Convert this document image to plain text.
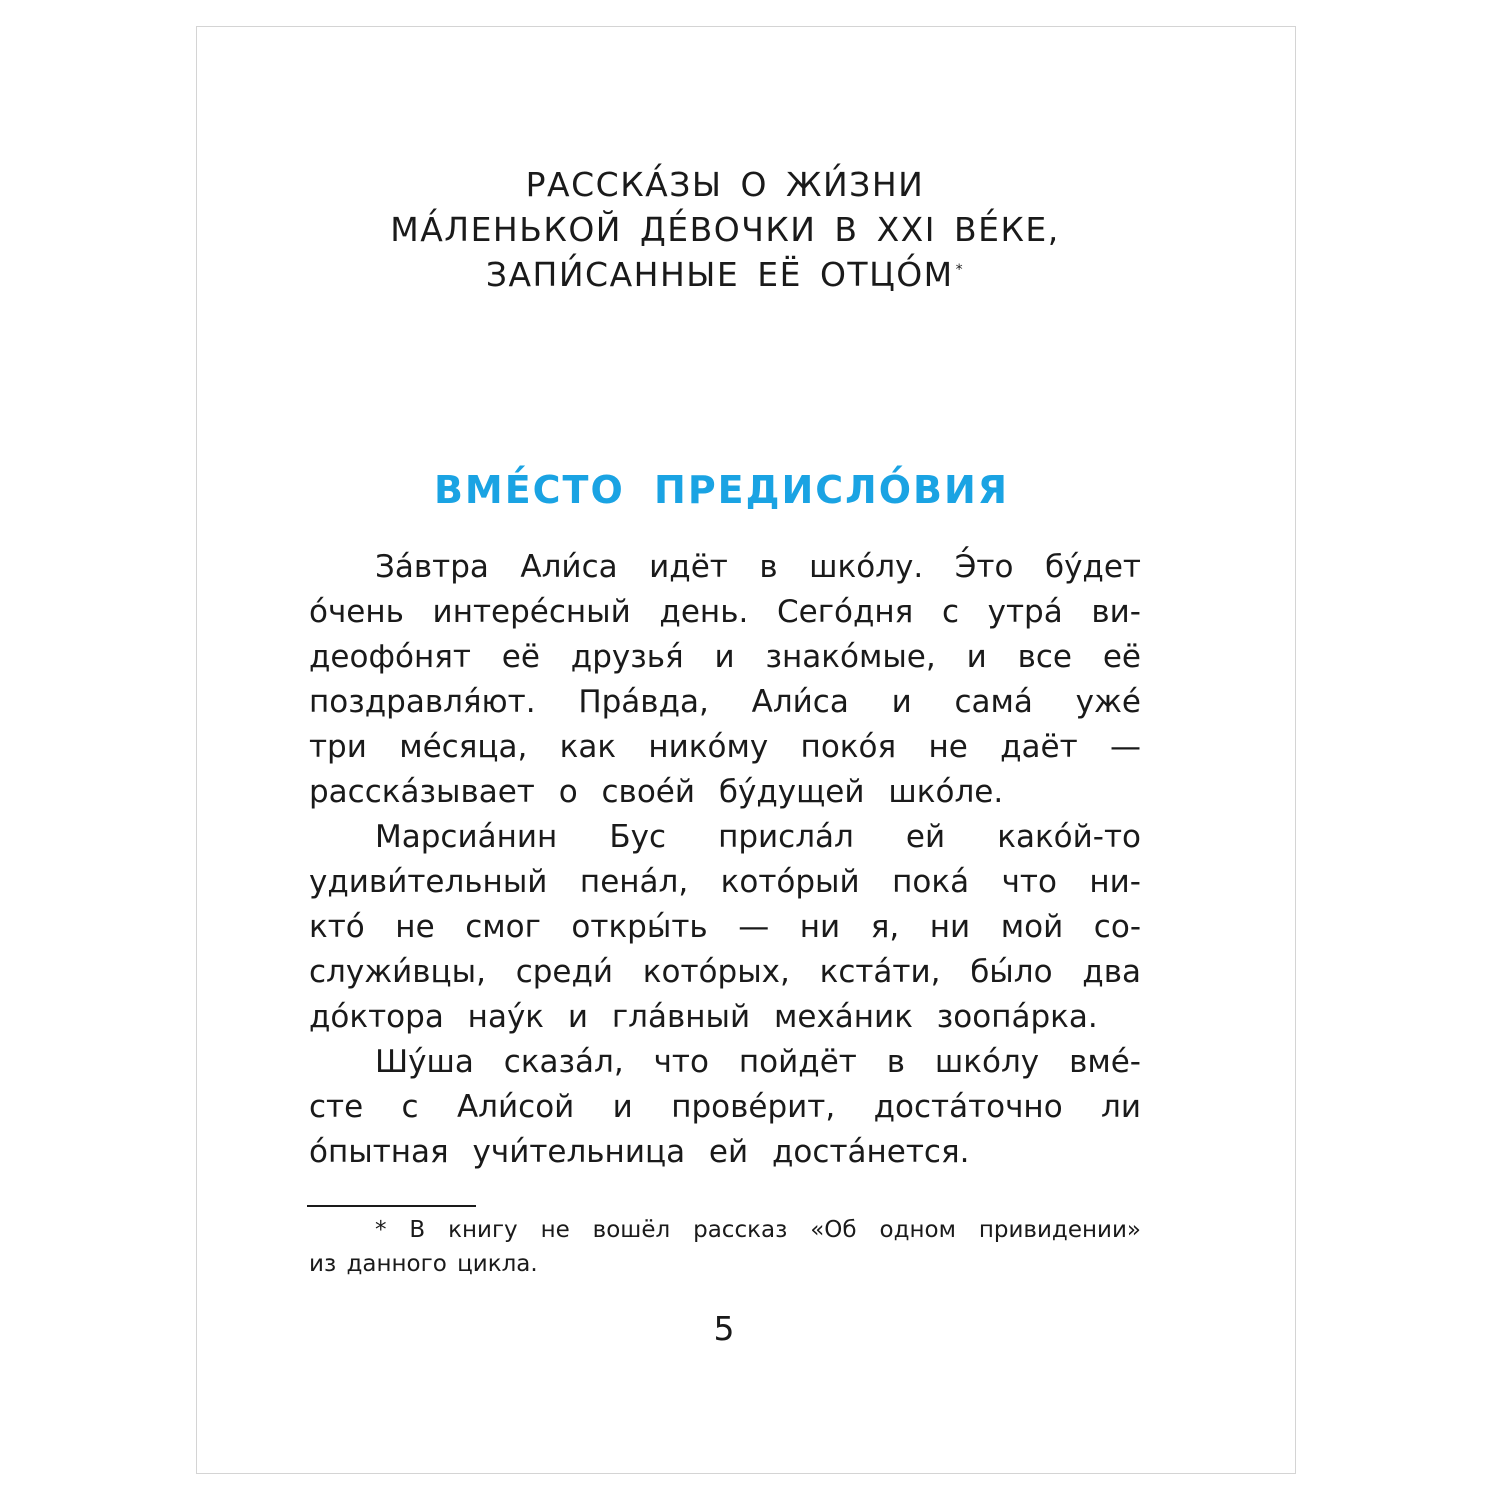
РАССКА́ЗЫ О ЖИ́ЗНИ
МА́ЛЕНЬКОЙ ДЕ́ВОЧКИ В XXI ВЕ́КЕ,
ЗАПИ́САННЫЕ ЕЁ ОТЦО́М *
ВМЕ́СТО ПРЕДИСЛО́ВИЯ
За́втра Али́са идёт в шко́лу. Э́то бу́дет
о́чень интере́сный день. Сего́дня с утра́ ви-
деофо́нят её друзья́ и знако́мые, и все её
поздравля́ют. Пра́вда, Али́са и сама́ уже́
три ме́сяца, как нико́му поко́я не даёт —
расска́зывает о свое́й бу́дущей шко́ле.
Марсиа́нин Бус присла́л ей како́й-то
удиви́тельный пена́л, кото́рый пока́ что ни-
кто́ не смог откры́ть — ни я, ни мой со-
служи́вцы, среди́ кото́рых, кста́ти, бы́ло два
до́ктора нау́к и гла́вный меха́ник зоопа́рка.
Шу́ша сказа́л, что пойдёт в шко́лу вме́-
сте с Али́сой и прове́рит, доста́точно ли
о́пытная учи́тельница ей доста́нется.
* В книгу не вошёл рассказ «Об одном привидении»
из данного цикла.
5
